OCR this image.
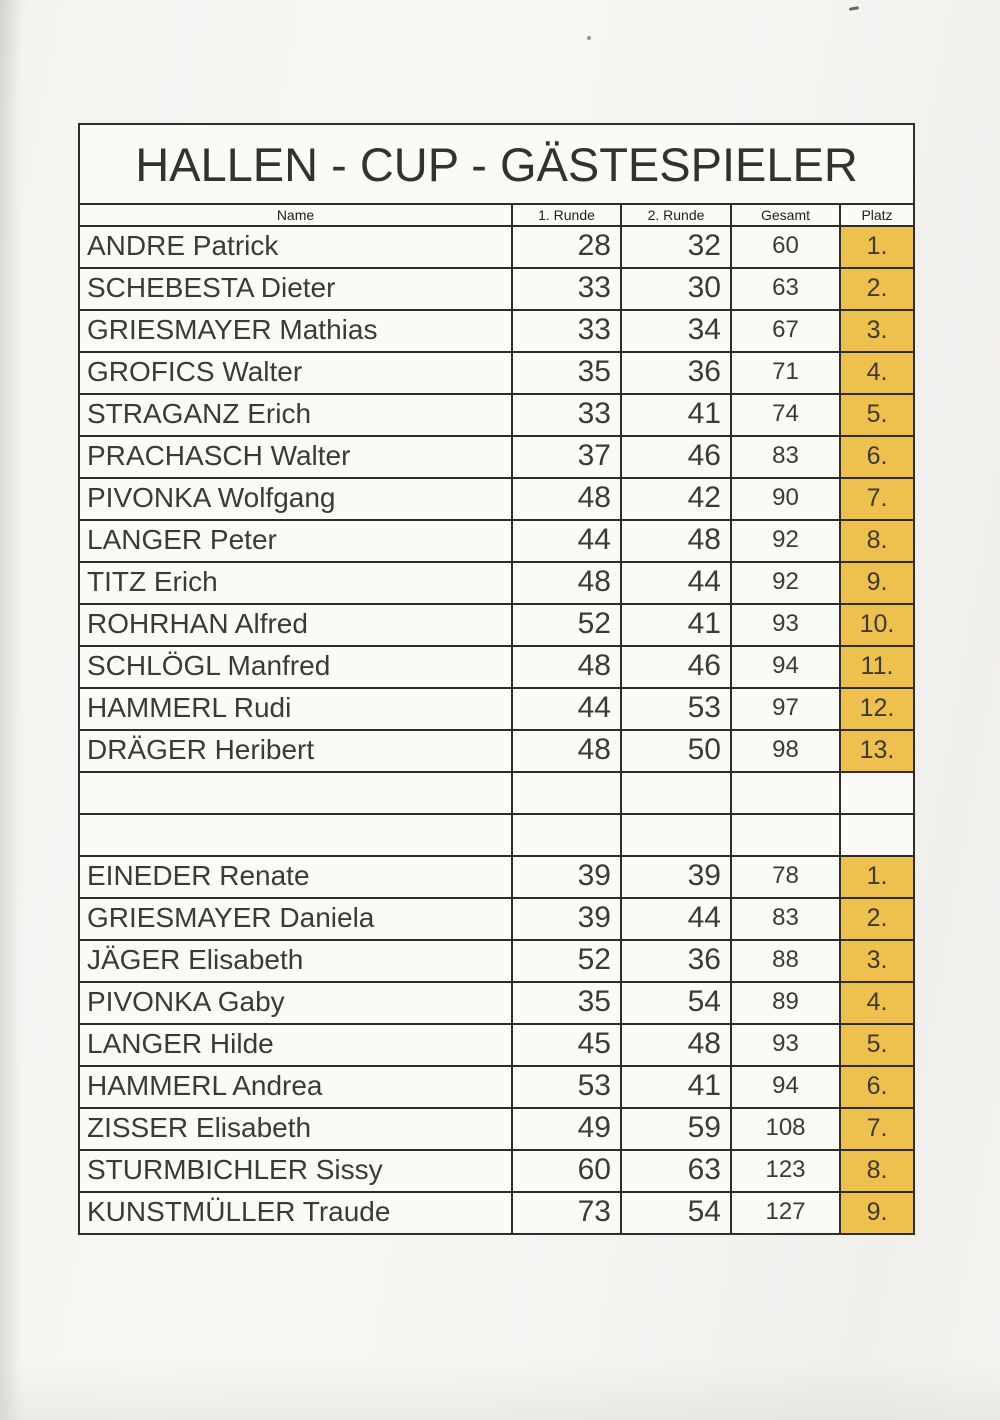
HALLEN - CUP - GÄSTESPIELER				
Name	1. Runde	2. Runde	Gesamt	Platz
ANDRE Patrick	28	32	60	1.
SCHEBESTA Dieter	33	30	63	2.
GRIESMAYER Mathias	33	34	67	3.
GROFICS Walter	35	36	71	4.
STRAGANZ Erich	33	41	74	5.
PRACHASCH Walter	37	46	83	6.
PIVONKA Wolfgang	48	42	90	7.
LANGER Peter	44	48	92	8.
TITZ Erich	48	44	92	9.
ROHRHAN Alfred	52	41	93	10.
SCHLÖGL Manfred	48	46	94	11.
HAMMERL Rudi	44	53	97	12.
DRÄGER Heribert	48	50	98	13.

EINEDER Renate	39	39	78	1.
GRIESMAYER Daniela	39	44	83	2.
JÄGER Elisabeth	52	36	88	3.
PIVONKA Gaby	35	54	89	4.
LANGER Hilde	45	48	93	5.
HAMMERL Andrea	53	41	94	6.
ZISSER Elisabeth	49	59	108	7.
STURMBICHLER Sissy	60	63	123	8.
KUNSTMÜLLER Traude	73	54	127	9.
